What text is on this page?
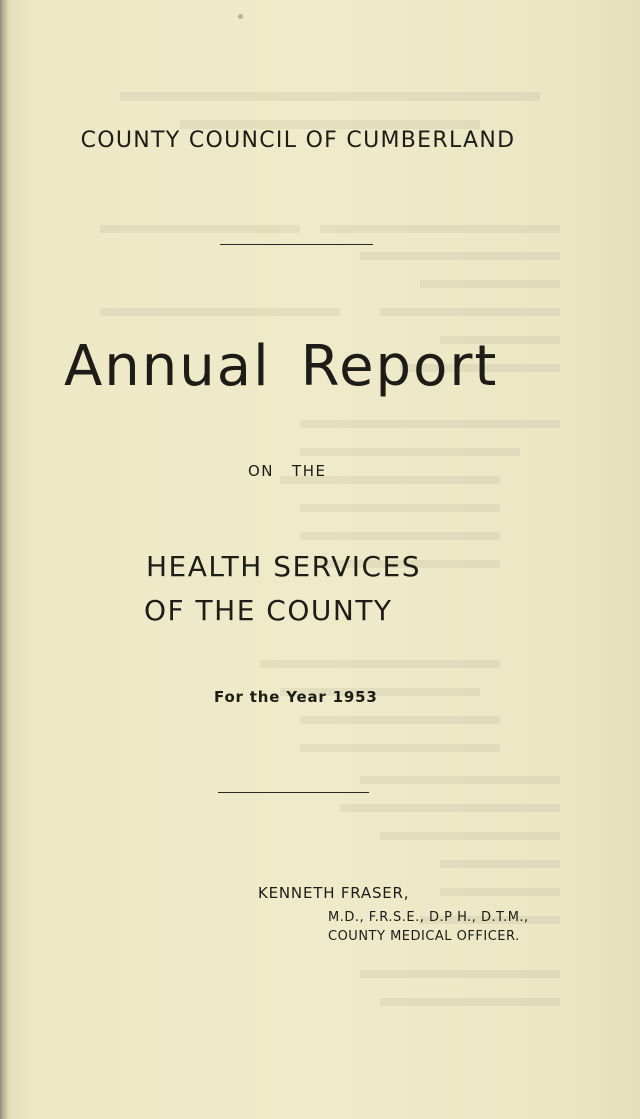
COUNTY COUNCIL OF CUMBERLAND
Annual Report
ON THE
HEALTH SERVICES
OF THE COUNTY
For the Year 1953
KENNETH FRASER,
M.D., F.R.S.E., D.P H., D.T.M.,
COUNTY MEDICAL OFFICER.
